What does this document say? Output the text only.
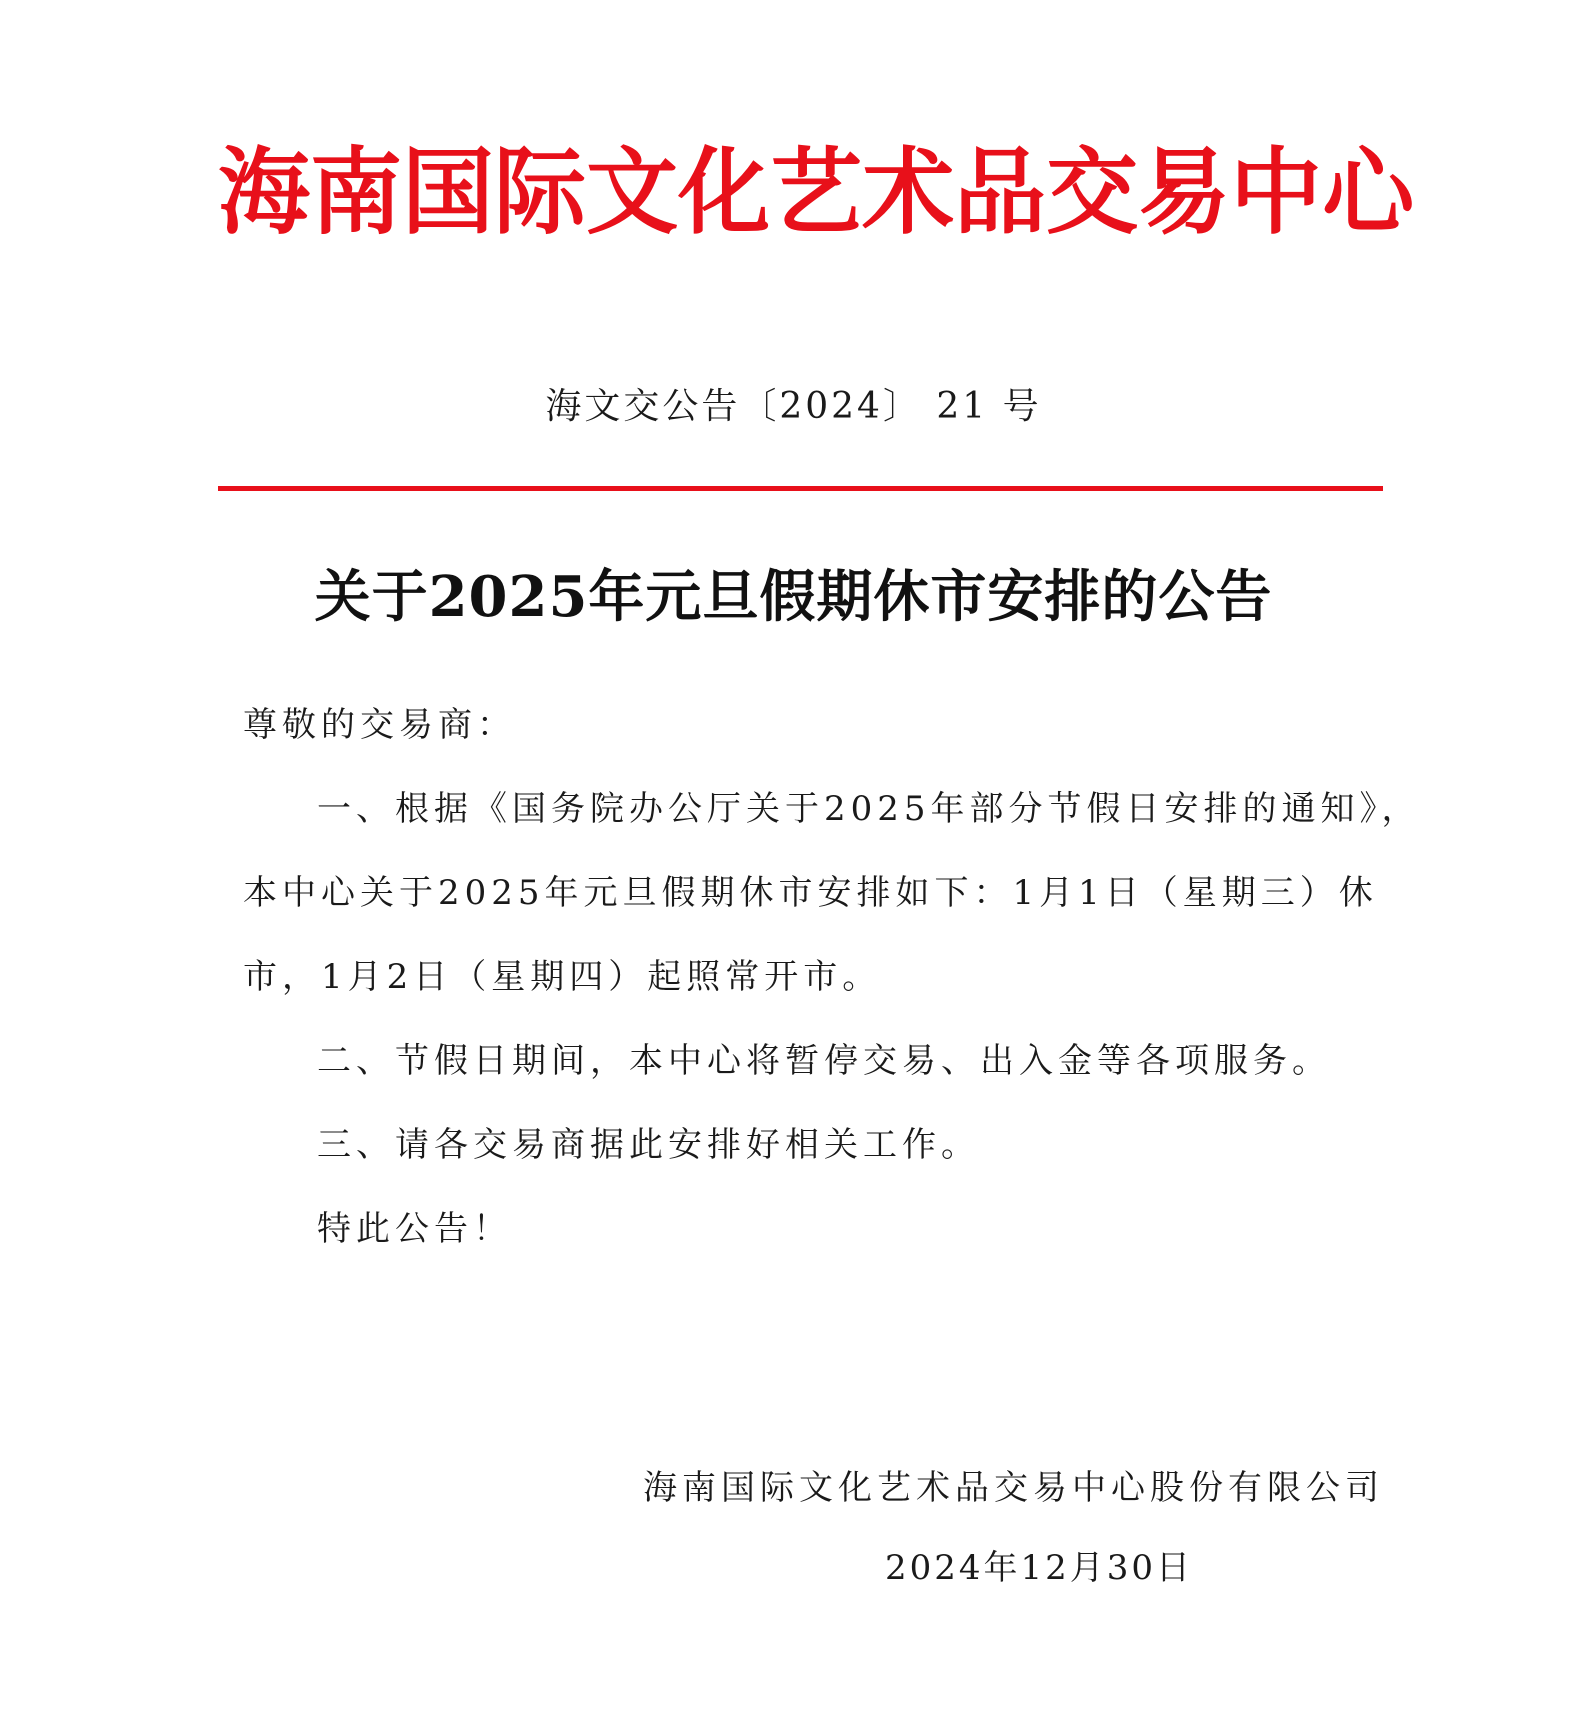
海 南 国 际 文 化 艺 术 品 交 易 中 心
海文交公告〔2024〕 21 号
关于2025年元旦假期休市安排的公告
尊敬的交易商：
一、根据《国务院办公厅关于2025年部分节假日安排的通知》，
本中心关于2025年元旦假期休市安排如下：1月1日（星期三）休
市，1月2日（星期四）起照常开市。
二、节假日期间，本中心将暂停交易、出入金等各项服务。
三、请各交易商据此安排好相关工作。
特此公告！
海南国际文化艺术品交易中心股份有限公司
2024年12月30日
